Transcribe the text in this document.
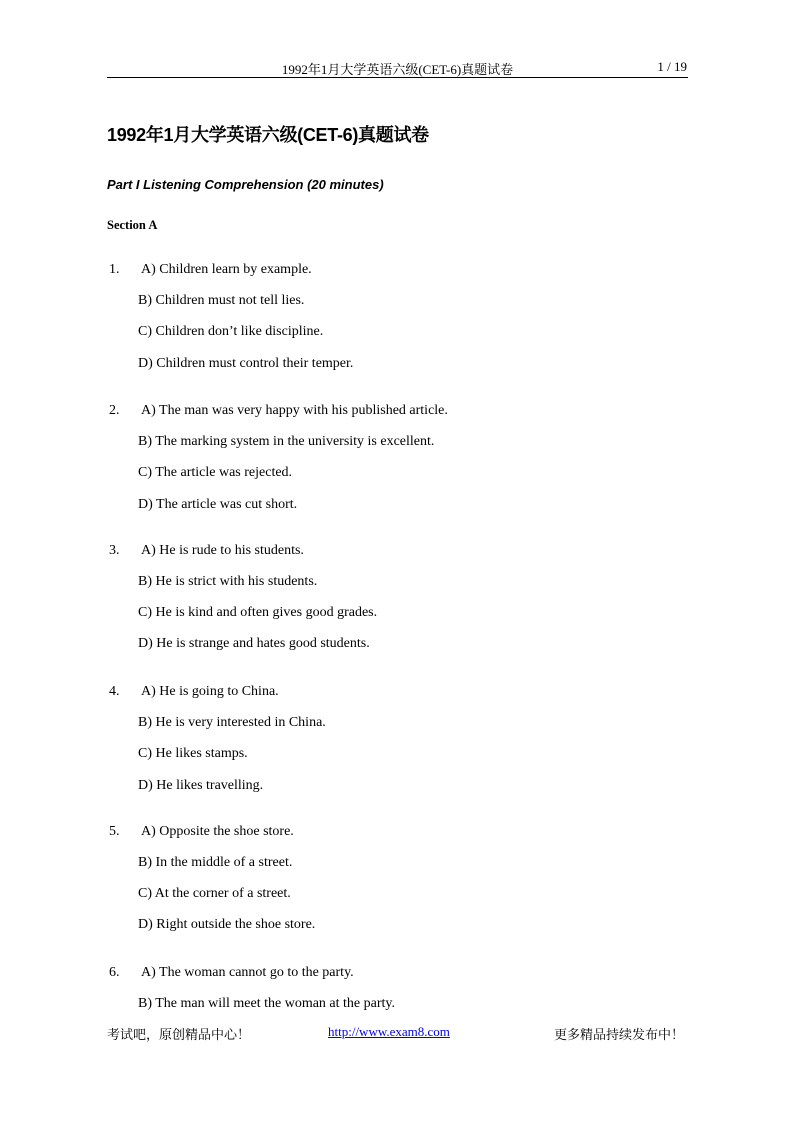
1992年1月大学英语六级(CET-6)真题试卷	1 / 19
1992年1月大学英语六级(CET-6)真题试卷
Part I Listening Comprehension (20 minutes)
Section A
1. A) Children learn by example.
B) Children must not tell lies.
C) Children don’t like discipline.
D) Children must control their temper.
2. A) The man was very happy with his published article.
B) The marking system in the university is excellent.
C) The article was rejected.
D) The article was cut short.
3. A) He is rude to his students.
B) He is strict with his students.
C) He is kind and often gives good grades.
D) He is strange and hates good students.
4. A) He is going to China.
B) He is very interested in China.
C) He likes stamps.
D) He likes travelling.
5. A) Opposite the shoe store.
B) In the middle of a street.
C) At the corner of a street.
D) Right outside the shoe store.
6. A) The woman cannot go to the party.
B) The man will meet the woman at the party.
考试吧，原创精品中心！	http://www.exam8.com	更多精品持续发布中！
